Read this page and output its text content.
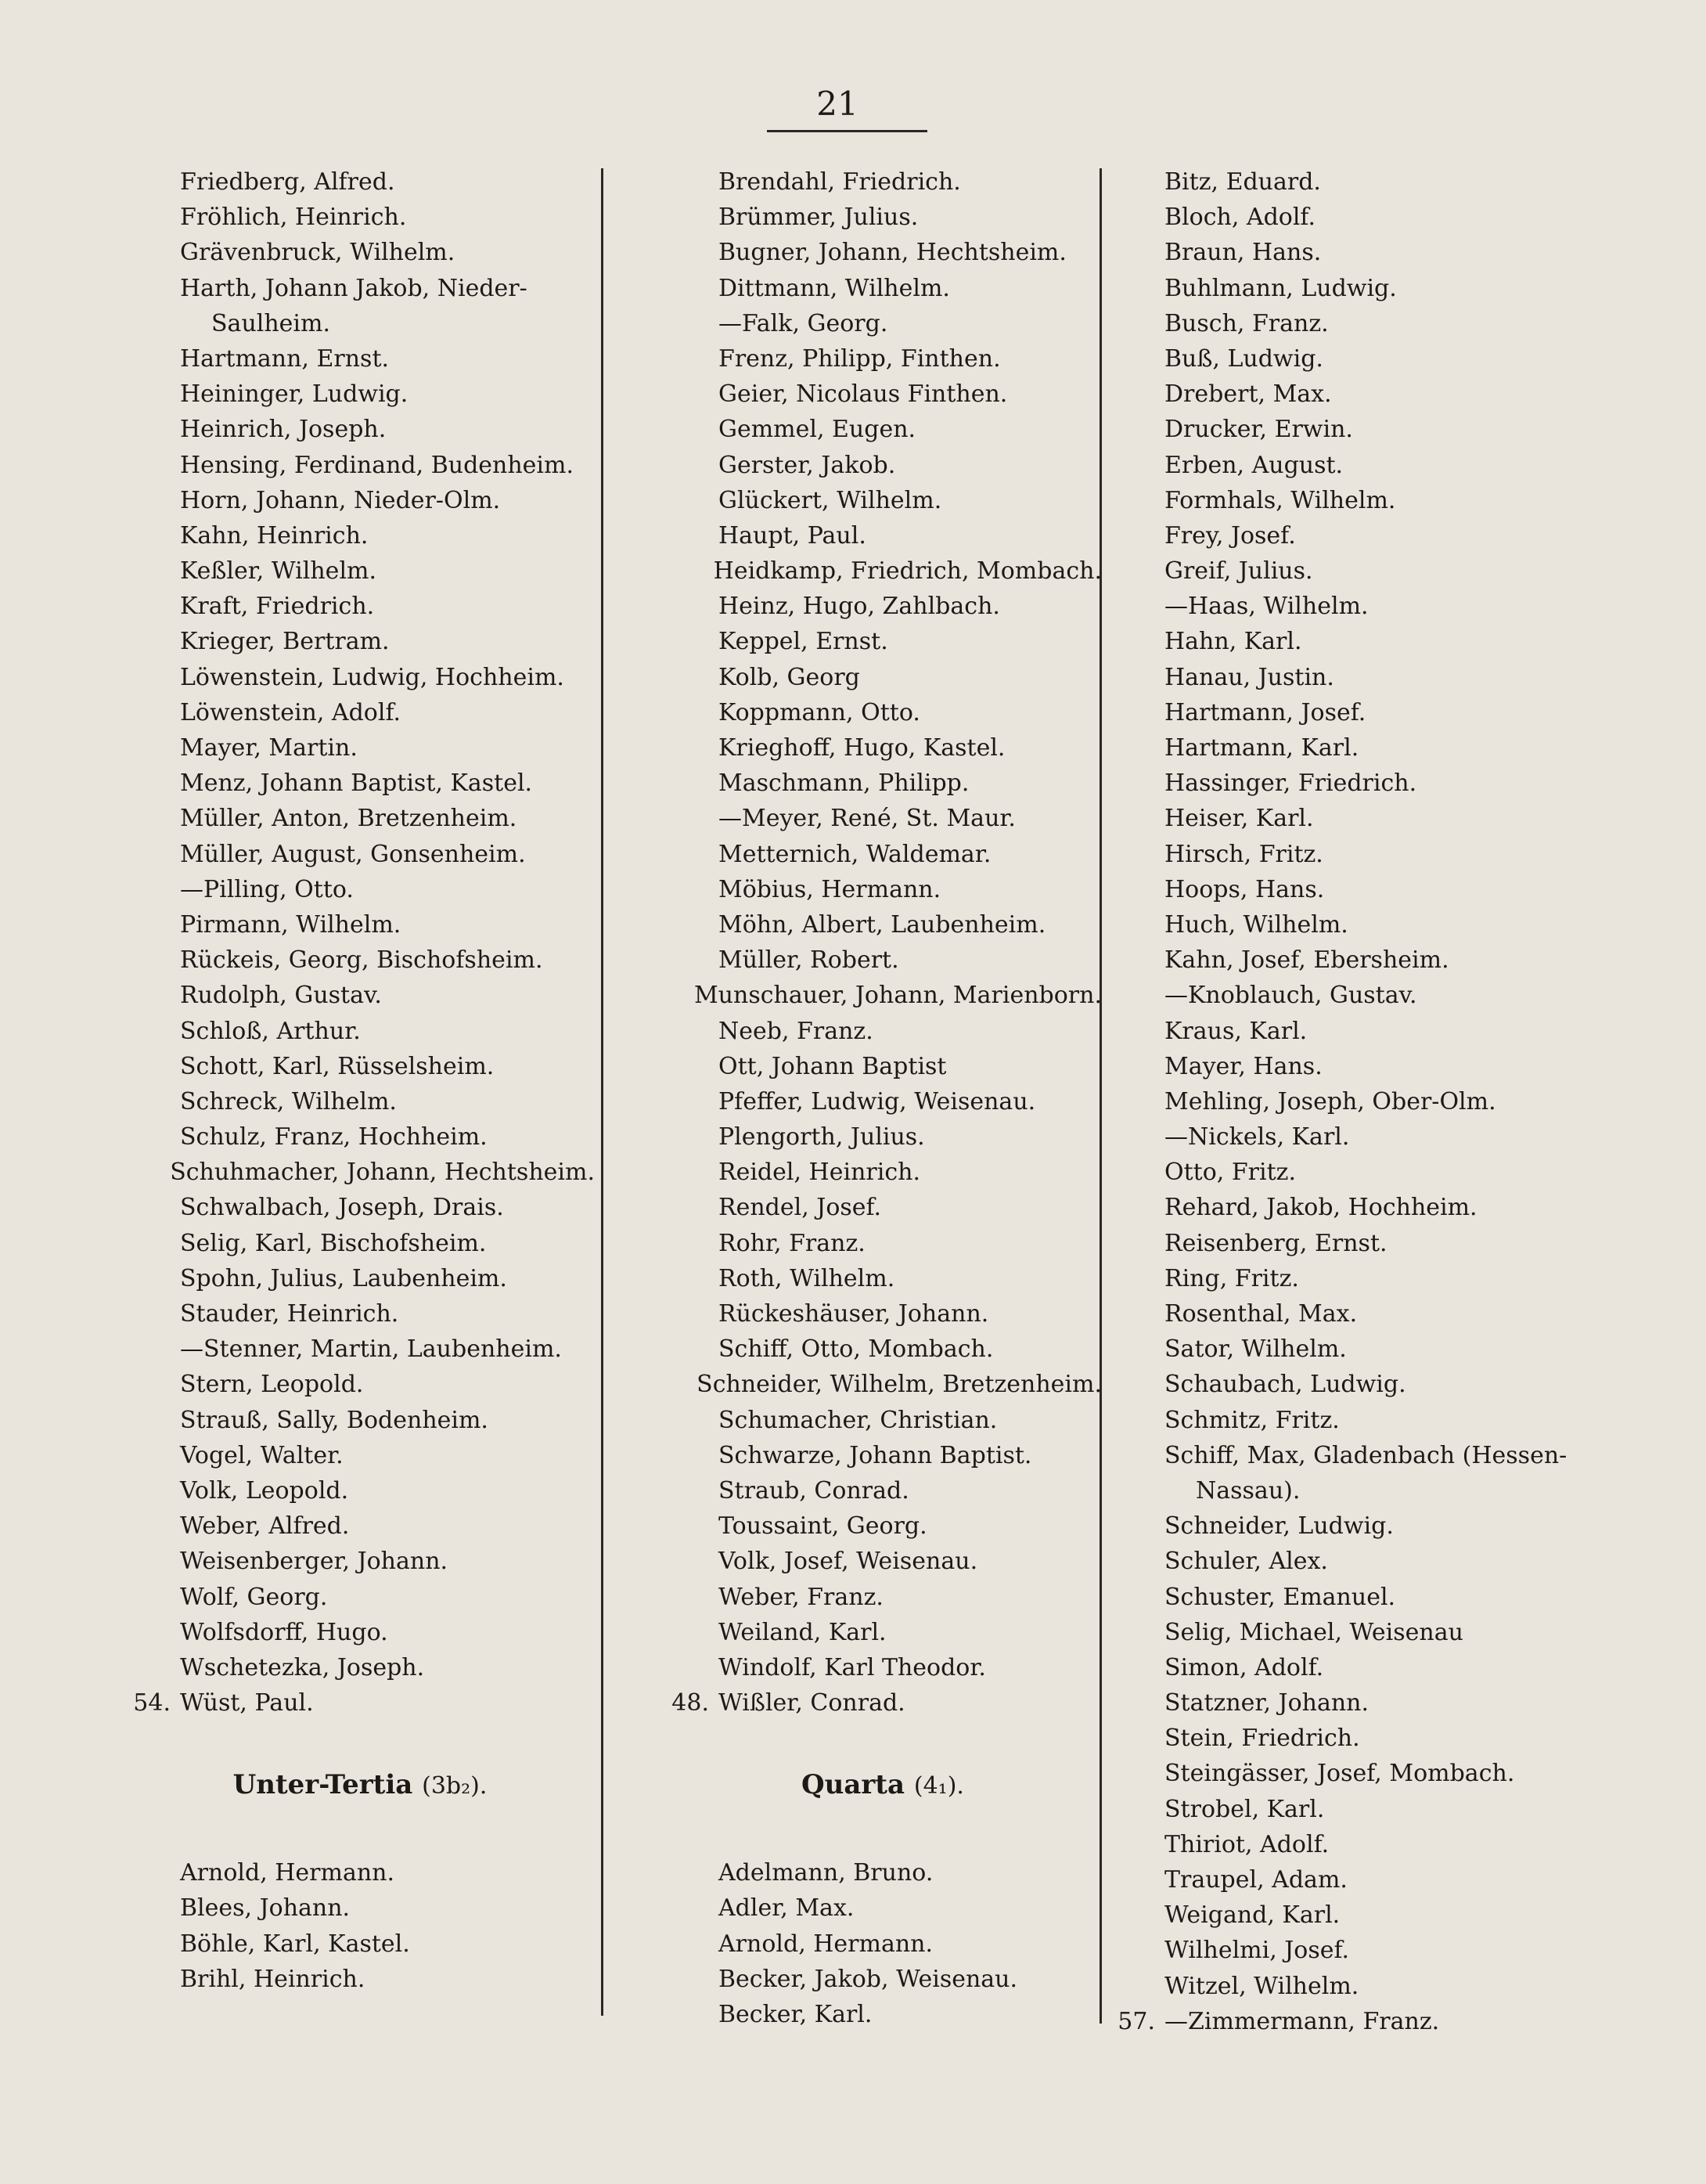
21
Friedberg, Alfred.
Fröhlich, Heinrich.
Grävenbruck, Wilhelm.
Harth, Johann Jakob, Nieder-
Saulheim.
Hartmann, Ernst.
Heininger, Ludwig.
Heinrich, Joseph.
Hensing, Ferdinand, Budenheim.
Horn, Johann, Nieder-Olm.
Kahn, Heinrich.
Keßler, Wilhelm.
Kraft, Friedrich.
Krieger, Bertram.
Löwenstein, Ludwig, Hochheim.
Löwenstein, Adolf.
Mayer, Martin.
Menz, Johann Baptist, Kastel.
Müller, Anton, Bretzenheim.
Müller, August, Gonsenheim.
—Pilling, Otto.
Pirmann, Wilhelm.
Rückeis, Georg, Bischofsheim.
Rudolph, Gustav.
Schloß, Arthur.
Schott, Karl, Rüsselsheim.
Schreck, Wilhelm.
Schulz, Franz, Hochheim.
Schuhmacher, Johann, Hechtsheim.
Schwalbach, Joseph, Drais.
Selig, Karl, Bischofsheim.
Spohn, Julius, Laubenheim.
Stauder, Heinrich.
—Stenner, Martin, Laubenheim.
Stern, Leopold.
Strauß, Sally, Bodenheim.
Vogel, Walter.
Volk, Leopold.
Weber, Alfred.
Weisenberger, Johann.
Wolf, Georg.
Wolfsdorff, Hugo.
Wschetezka, Joseph.
54. Wüst, Paul.
Unter-Tertia (3b₂).
Arnold, Hermann.
Blees, Johann.
Böhle, Karl, Kastel.
Brihl, Heinrich.
Brendahl, Friedrich.
Brümmer, Julius.
Bugner, Johann, Hechtsheim.
Dittmann, Wilhelm.
—Falk, Georg.
Frenz, Philipp, Finthen.
Geier, Nicolaus Finthen.
Gemmel, Eugen.
Gerster, Jakob.
Glückert, Wilhelm.
Haupt, Paul.
Heidkamp, Friedrich, Mombach.
Heinz, Hugo, Zahlbach.
Keppel, Ernst.
Kolb, Georg
Koppmann, Otto.
Krieghoff, Hugo, Kastel.
Maschmann, Philipp.
—Meyer, René, St. Maur.
Metternich, Waldemar.
Möbius, Hermann.
Möhn, Albert, Laubenheim.
Müller, Robert.
Munschauer, Johann, Marienborn.
Neeb, Franz.
Ott, Johann Baptist
Pfeffer, Ludwig, Weisenau.
Plengorth, Julius.
Reidel, Heinrich.
Rendel, Josef.
Rohr, Franz.
Roth, Wilhelm.
Rückeshäuser, Johann.
Schiff, Otto, Mombach.
Schneider, Wilhelm, Bretzenheim.
Schumacher, Christian.
Schwarze, Johann Baptist.
Straub, Conrad.
Toussaint, Georg.
Volk, Josef, Weisenau.
Weber, Franz.
Weiland, Karl.
Windolf, Karl Theodor.
48. Wißler, Conrad.
Quarta (4₁).
Adelmann, Bruno.
Adler, Max.
Arnold, Hermann.
Becker, Jakob, Weisenau.
Becker, Karl.
Bitz, Eduard.
Bloch, Adolf.
Braun, Hans.
Buhlmann, Ludwig.
Busch, Franz.
Buß, Ludwig.
Drebert, Max.
Drucker, Erwin.
Erben, August.
Formhals, Wilhelm.
Frey, Josef.
Greif, Julius.
—Haas, Wilhelm.
Hahn, Karl.
Hanau, Justin.
Hartmann, Josef.
Hartmann, Karl.
Hassinger, Friedrich.
Heiser, Karl.
Hirsch, Fritz.
Hoops, Hans.
Huch, Wilhelm.
Kahn, Josef, Ebersheim.
—Knoblauch, Gustav.
Kraus, Karl.
Mayer, Hans.
Mehling, Joseph, Ober-Olm.
—Nickels, Karl.
Otto, Fritz.
Rehard, Jakob, Hochheim.
Reisenberg, Ernst.
Ring, Fritz.
Rosenthal, Max.
Sator, Wilhelm.
Schaubach, Ludwig.
Schmitz, Fritz.
Schiff, Max, Gladenbach (Hessen-
Nassau).
Schneider, Ludwig.
Schuler, Alex.
Schuster, Emanuel.
Selig, Michael, Weisenau
Simon, Adolf.
Statzner, Johann.
Stein, Friedrich.
Steingässer, Josef, Mombach.
Strobel, Karl.
Thiriot, Adolf.
Traupel, Adam.
Weigand, Karl.
Wilhelmi, Josef.
Witzel, Wilhelm.
57. —Zimmermann, Franz.
